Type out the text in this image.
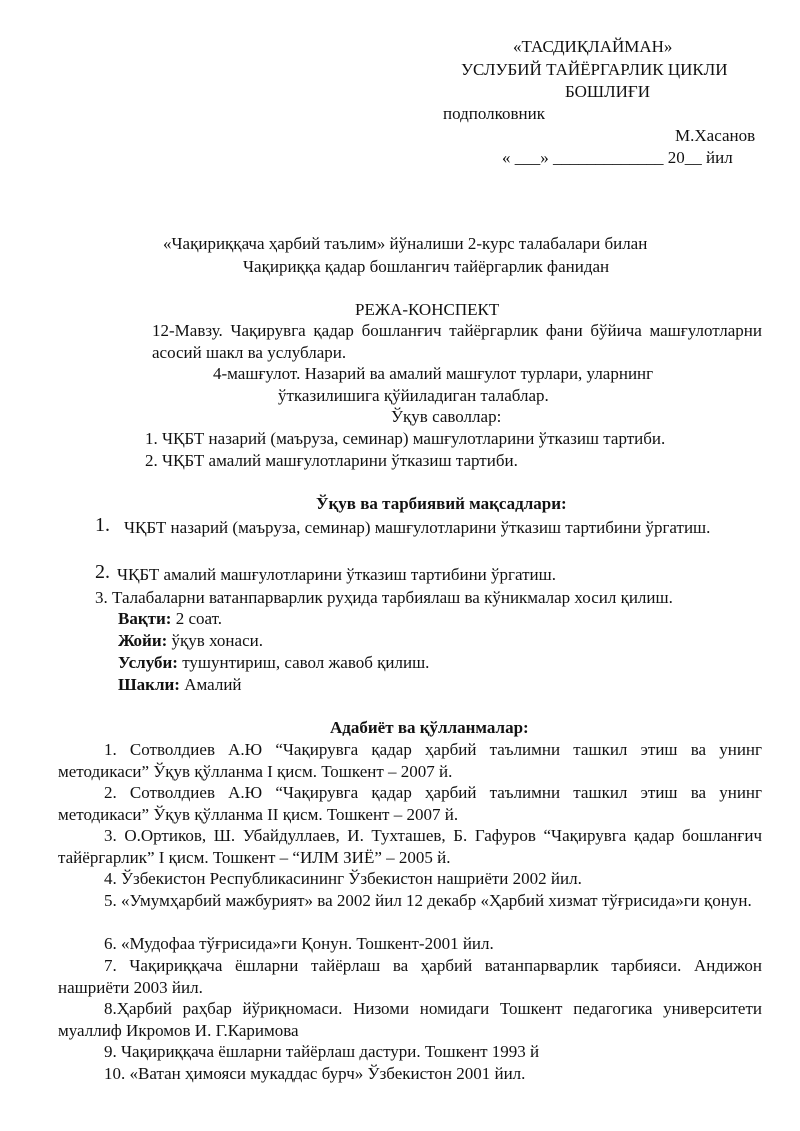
«ТАСДИҚЛАЙМАН»
УСЛУБИЙ ТАЙЁРГАРЛИК ЦИКЛИ
БОШЛИҒИ
подполковник
М.Хасанов
« ___» _____________ 20__ йил
«Чақириққача ҳарбий таълим» йўналиши 2-курс талабалари билан
Чақириққа қадар бошлангич тайёргарлик фанидан
РЕЖА-КОНСПЕКТ
12-Мавзу. Чақирувга қадар бошланғич тайёргарлик фани бўйича машғулотларни асосий шакл ва услублари.
4-машғулот. Назарий ва амалий машғулот турлари, уларнинг
ўтказилишига қўйиладиган талаблар.
Ўқув саволлар:
1. ЧҚБТ назарий (маъруза, семинар) машғулотларини ўтказиш тартиби.
2. ЧҚБТ амалий машғулотларини ўтказиш тартиби.
Ўқув ва тарбиявий мақсадлари:
1. ЧҚБТ назарий (маъруза, семинар) машғулотларини ўтказиш тартибини ўргатиш.
2. ЧҚБТ амалий машғулотларини ўтказиш тартибини ўргатиш.
3. Талабаларни ватанпарварлик руҳида тарбиялаш ва кўникмалар хосил қилиш.
Вақти: 2 соат.
Жойи: ўқув хонаси.
Услуби: тушунтириш, савол жавоб қилиш.
Шакли: Амалий
Адабиёт ва қўлланмалар:
1. Сотволдиев А.Ю “Чақирувга қадар ҳарбий таълимни ташкил этиш ва унинг методикаси” Ўқув қўлланма I қисм. Тошкент – 2007 й.
2. Сотволдиев А.Ю “Чақирувга қадар ҳарбий таълимни ташкил этиш ва унинг методикаси” Ўқув қўлланма II қисм. Тошкент – 2007 й.
3. О.Ортиков, Ш. Убайдуллаев, И. Тухташев, Б. Гафуров “Чақирувга қадар бошланғич тайёргарлик” I қисм. Тошкент – “ИЛМ ЗИЁ” – 2005 й.
4. Ўзбекистон Республикасининг Ўзбекистон нашриёти 2002 йил.
5. «Умумҳарбий мажбурият» ва 2002 йил 12 декабр «Ҳарбий хизмат тўғрисида»ги қонун.
6. «Мудофаа тўғрисида»ги Қонун. Тошкент-2001 йил.
7. Чақириққача ёшларни тайёрлаш ва ҳарбий ватанпарварлик тарбияси. Андижон нашриёти 2003 йил.
8.Ҳарбий раҳбар йўриқномаси. Низоми номидаги Тошкент педагогика университети муаллиф Икромов И. Г.Каримова
9. Чақириққача ёшларни тайёрлаш дастури. Тошкент 1993 й
10. «Ватан ҳимояси мукаддас бурч» Ўзбекистон 2001 йил.
